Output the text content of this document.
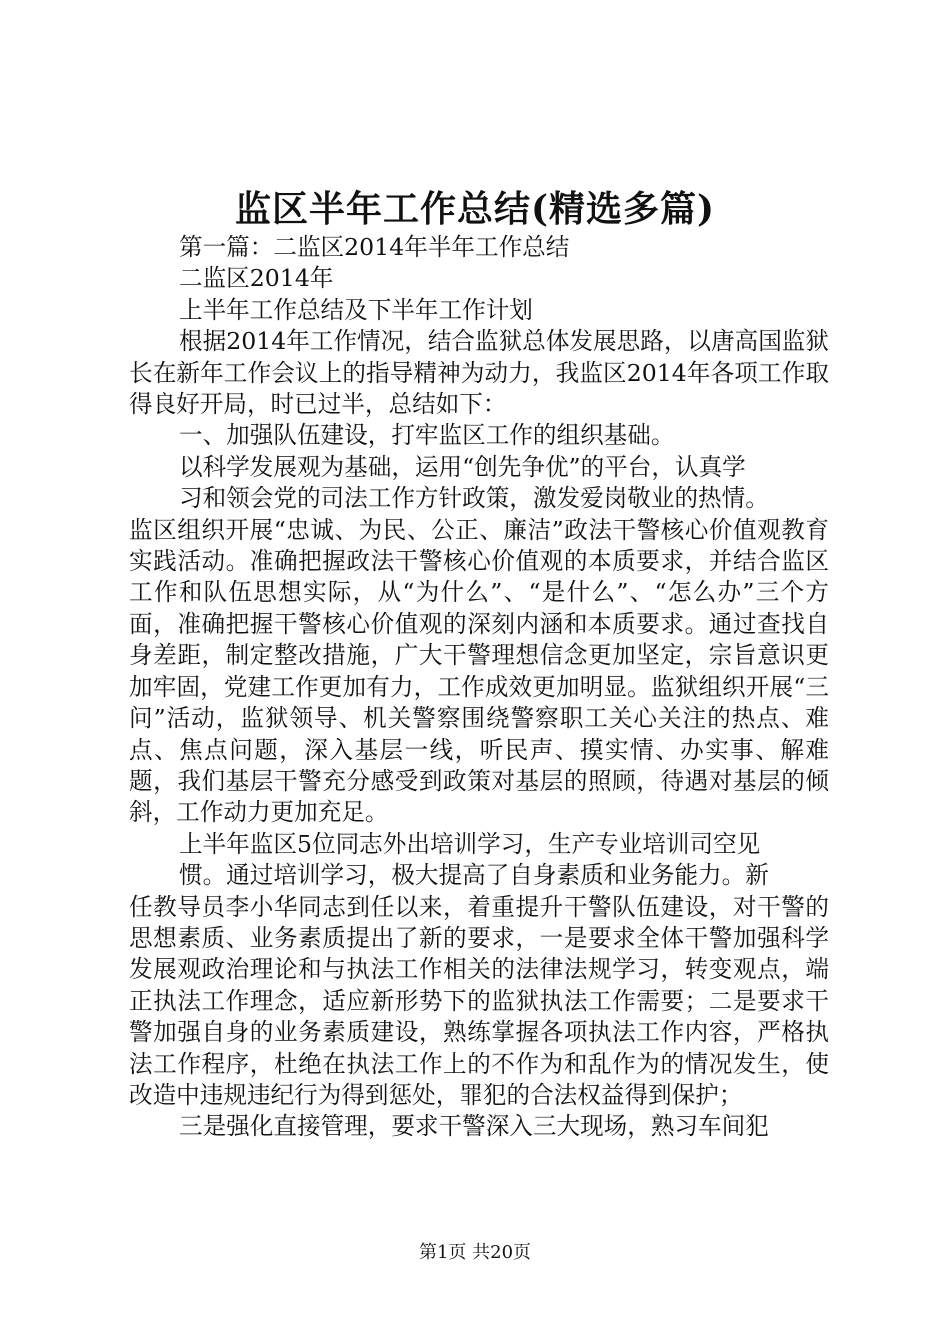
监区半年工作总结(精选多篇)

第一篇：二监区2014年半年工作总结

二监区2014年

上半年工作总结及下半年工作计划

根据2014年工作情况，结合监狱总体发展思路，以唐高国监狱长在新年工作会议上的指导精神为动力，我监区2014年各项工作取得良好开局，时已过半，总结如下：

一、加强队伍建设，打牢监区工作的组织基础。

以科学发展观为基础，运用“创先争优”的平台，认真学

习和领会党的司法工作方针政策，激发爱岗敬业的热情。

监区组织开展“忠诚、为民、公正、廉洁”政法干警核心价值观教育实践活动。准确把握政法干警核心价值观的本质要求，并结合监区工作和队伍思想实际，从“为什么”、“是什么”、“怎么办”三个方面，准确把握干警核心价值观的深刻内涵和本质要求。通过查找自身差距，制定整改措施，广大干警理想信念更加坚定，宗旨意识更加牢固，党建工作更加有力，工作成效更加明显。监狱组织开展“三问”活动，监狱领导、机关警察围绕警察职工关心关注的热点、难点、焦点问题，深入基层一线，听民声、摸实情、办实事、解难题，我们基层干警充分感受到政策对基层的照顾，待遇对基层的倾斜，工作动力更加充足。

上半年监区5位同志外出培训学习，生产专业培训司空见

惯。通过培训学习，极大提高了自身素质和业务能力。新

任教导员李小华同志到任以来，着重提升干警队伍建设，对干警的思想素质、业务素质提出了新的要求，一是要求全体干警加强科学发展观政治理论和与执法工作相关的法律法规学习，转变观点，端正执法工作理念，适应新形势下的监狱执法工作需要；二是要求干警加强自身的业务素质建设，熟练掌握各项执法工作内容，严格执法工作程序，杜绝在执法工作上的不作为和乱作为的情况发生，使改造中违规违纪行为得到惩处，罪犯的合法权益得到保护；

三是强化直接管理，要求干警深入三大现场，熟习车间犯

第1页 共20页
